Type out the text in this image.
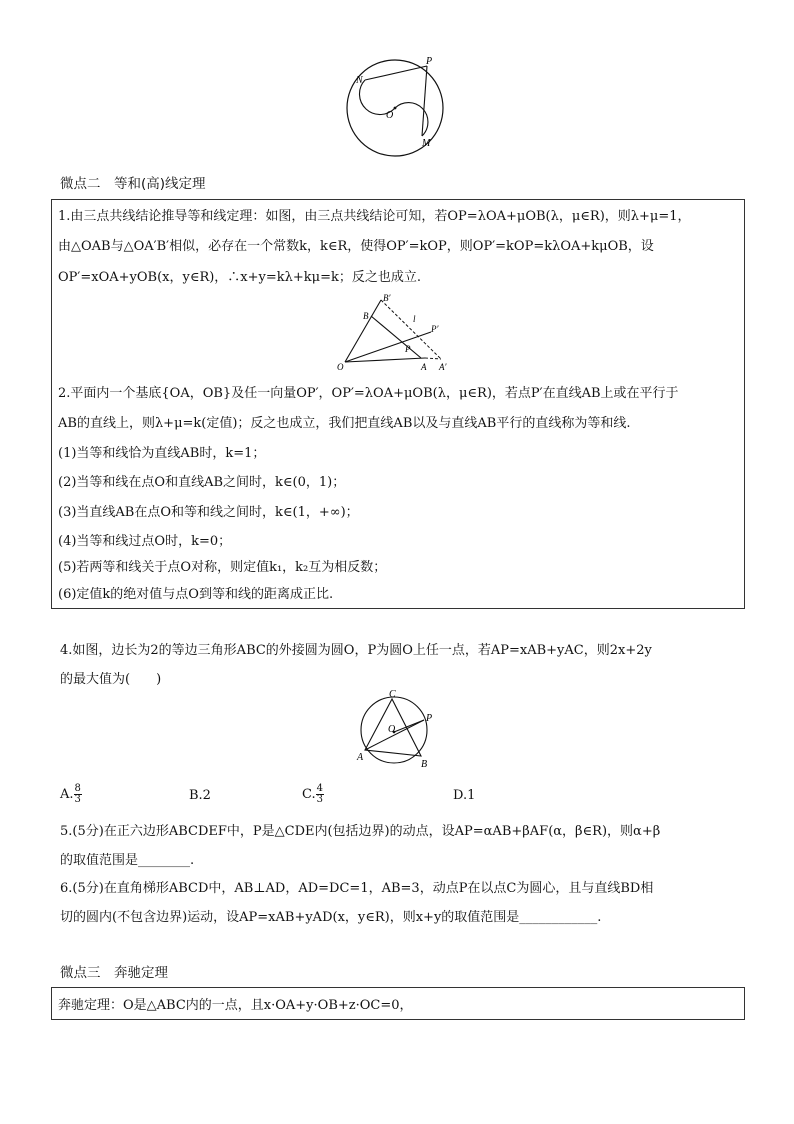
P
N
O
M
微点二　等和(高)线定理
1.由三点共线结论推导等和线定理：如图，由三点共线结论可知，若OP=λOA+μOB(λ，μ∈R)，则λ+μ=1，
由△OAB与△OA′B′相似，必存在一个常数k，k∈R，使得OP′=kOP，则OP′=kOP=kλOA+kμOB，设
OP′=xOA+yOB(x，y∈R)，∴x+y=kλ+kμ=k；反之也成立.
B′
B	l
P′
P
O	A A′
2.平面内一个基底{OA，OB}及任一向量OP′，OP′=λOA+μOB(λ，μ∈R)，若点P′在直线AB上或在平行于
AB的直线上，则λ+μ=k(定值)；反之也成立，我们把直线AB以及与直线AB平行的直线称为等和线.
(1)当等和线恰为直线AB时，k=1；
(2)当等和线在点O和直线AB之间时，k∈(0，1)；
(3)当直线AB在点O和等和线之间时，k∈(1，+∞)；
(4)当等和线过点O时，k=0；
(5)若两等和线关于点O对称，则定值k₁，k₂互为相反数；
(6)定值k的绝对值与点O到等和线的距离成正比.
4.如图，边长为2的等边三角形ABC的外接圆为圆O，P为圆O上任一点，若AP=xAB+yAC，则2x+2y
的最大值为(　　)
C
P
O
A
B
A. $\frac{8}{3}$	B.2	C. $\frac{4}{3}$	D.1
5.(5分)在正六边形ABCDEF中，P是△CDE内(包括边界)的动点，设AP=αAB+βAF(α，β∈R)，则α+β
的取值范围是________.
6.(5分)在直角梯形ABCD中，AB⊥AD，AD=DC=1，AB=3，动点P在以点C为圆心，且与直线BD相
切的圆内(不包含边界)运动，设AP=xAB+yAD(x，y∈R)，则x+y的取值范围是____________.
微点三　奔驰定理
奔驰定理：O是△ABC内的一点，且x·OA+y·OB+z·OC=0，
